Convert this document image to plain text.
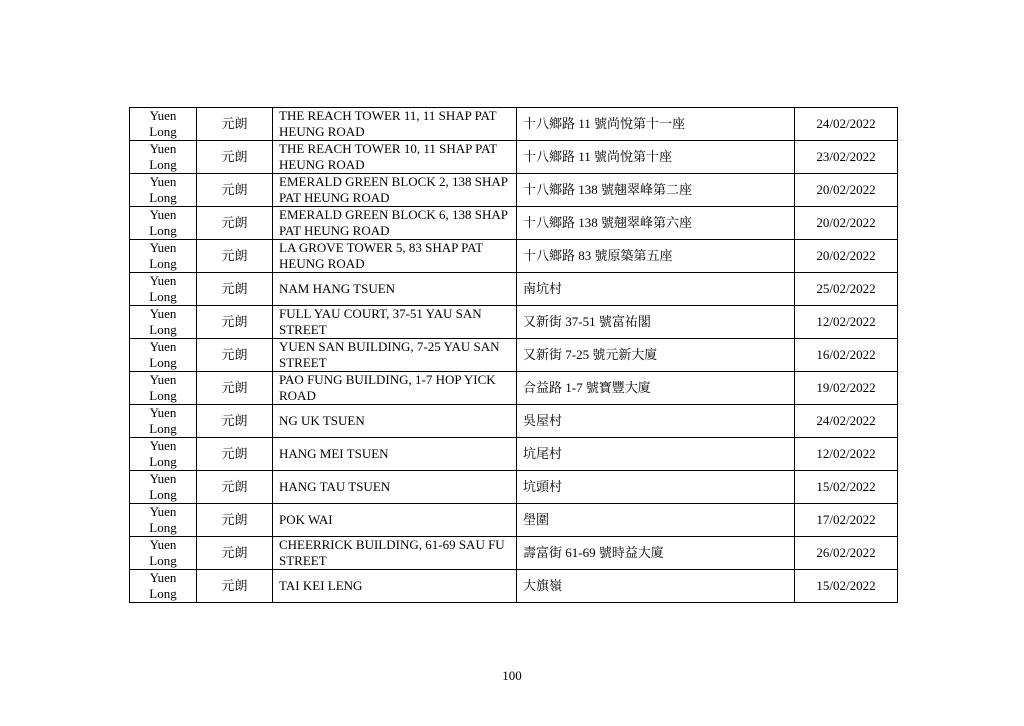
Yuen Long	元朗	THE REACH TOWER 11, 11 SHAP PAT HEUNG ROAD	十八鄉路 11 號尚悅第十一座	24/02/2022
Yuen Long	元朗	THE REACH TOWER 10, 11 SHAP PAT HEUNG ROAD	十八鄉路 11 號尚悅第十座	23/02/2022
Yuen Long	元朗	EMERALD GREEN BLOCK 2, 138 SHAP PAT HEUNG ROAD	十八鄉路 138 號翹翠峰第二座	20/02/2022
Yuen Long	元朗	EMERALD GREEN BLOCK 6, 138 SHAP PAT HEUNG ROAD	十八鄉路 138 號翹翠峰第六座	20/02/2022
Yuen Long	元朗	LA GROVE TOWER 5, 83 SHAP PAT HEUNG ROAD	十八鄉路 83 號原築第五座	20/02/2022
Yuen Long	元朗	NAM HANG TSUEN	南坑村	25/02/2022
Yuen Long	元朗	FULL YAU COURT, 37-51 YAU SAN STREET	又新街 37-51 號富祐閣	12/02/2022
Yuen Long	元朗	YUEN SAN BUILDING, 7-25 YAU SAN STREET	又新街 7-25 號元新大廈	16/02/2022
Yuen Long	元朗	PAO FUNG BUILDING, 1-7 HOP YICK ROAD	合益路 1-7 號寶豐大廈	19/02/2022
Yuen Long	元朗	NG UK TSUEN	吳屋村	24/02/2022
Yuen Long	元朗	HANG MEI TSUEN	坑尾村	12/02/2022
Yuen Long	元朗	HANG TAU TSUEN	坑頭村	15/02/2022
Yuen Long	元朗	POK WAI	壆圍	17/02/2022
Yuen Long	元朗	CHEERRICK BUILDING, 61-69 SAU FU STREET	壽富街 61-69 號時益大廈	26/02/2022
Yuen Long	元朗	TAI KEI LENG	大旗嶺	15/02/2022
100
